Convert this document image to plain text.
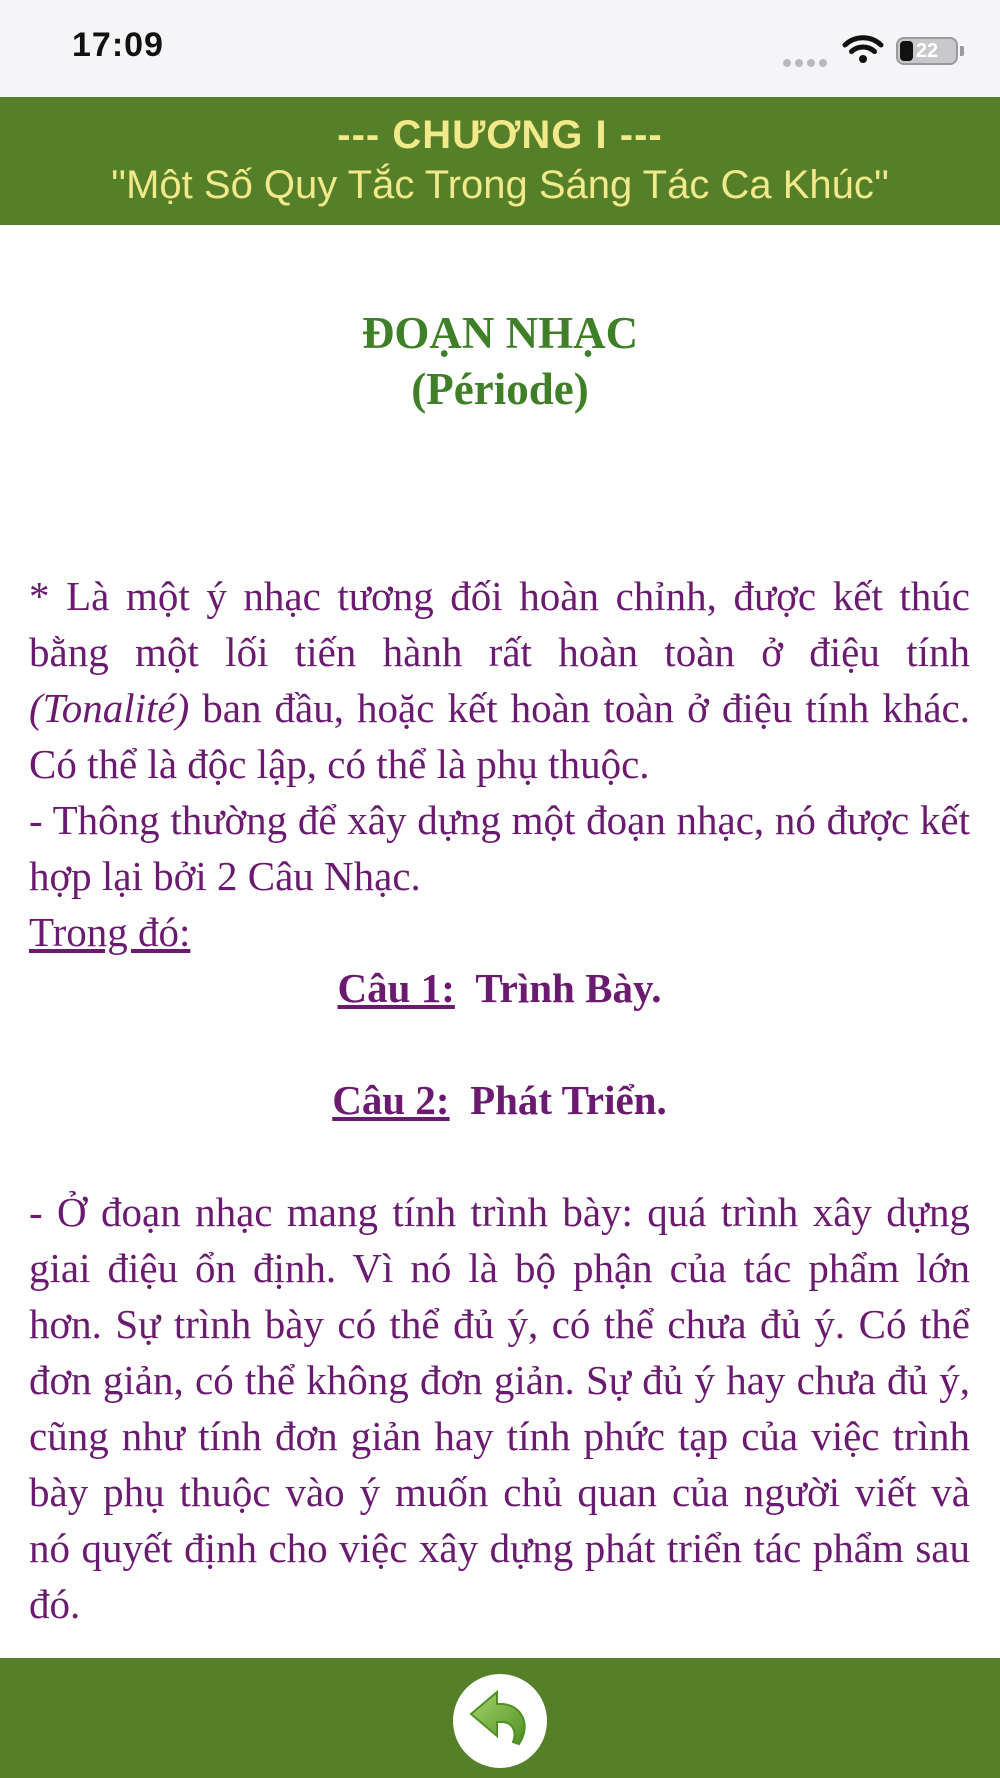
17:09	22
--- CHƯƠNG I ---
''Một Số Quy Tắc Trong Sáng Tác Ca Khúc''
ĐOẠN NHẠC
(Période)

* Là một ý nhạc tương đối hoàn chỉnh, được kết thúc bằng một lối tiến hành rất hoàn toàn ở điệu tính (Tonalité) ban đầu, hoặc kết hoàn toàn ở điệu tính khác. Có thể là độc lập, có thể là phụ thuộc.

- Thông thường để xây dựng một đoạn nhạc, nó được kết hợp lại bởi 2 Câu Nhạc.

Trong đó:

Câu 1: Trình Bày.

Câu 2: Phát Triển.

- Ở đoạn nhạc mang tính trình bày: quá trình xây dựng giai điệu ổn định. Vì nó là bộ phận của tác phẩm lớn hơn. Sự trình bày có thể đủ ý, có thể chưa đủ ý. Có thể đơn giản, có thể không đơn giản. Sự đủ ý hay chưa đủ ý, cũng như tính đơn giản hay tính phức tạp của việc trình bày phụ thuộc vào ý muốn chủ quan của người viết và nó quyết định cho việc xây dựng phát triển tác phẩm sau đó.
